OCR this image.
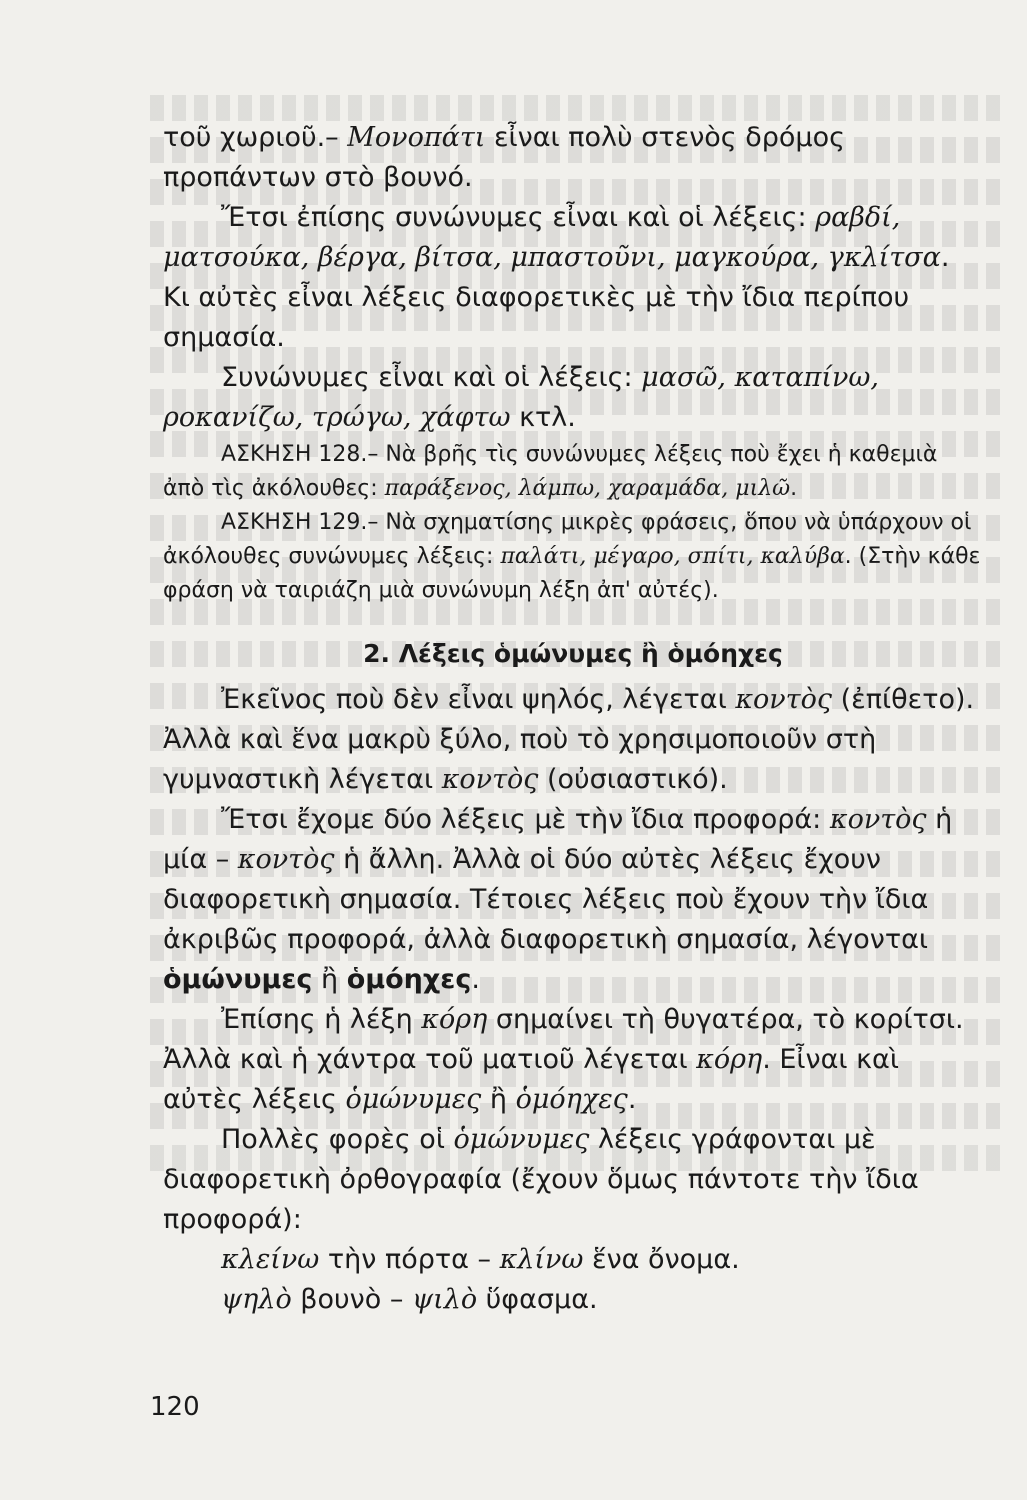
τοῦ χωριοῦ.– Μονοπάτι εἶναι πολὺ στενὸς δρόμος προπάντων στὸ βουνό.

Ἔτσι ἐπίσης συνώνυμες εἶναι καὶ οἱ λέξεις: ραβδί, ματσούκα, βέργα, βίτσα, μπαστοῦνι, μαγκούρα, γκλίτσα. Κι αὐτὲς εἶναι λέξεις διαφορετικὲς μὲ τὴν ἴδια περίπου σημασία.

Συνώνυμες εἶναι καὶ οἱ λέξεις: μασῶ, καταπίνω, ροκανίζω, τρώγω, χάφτω κτλ.

ΑΣΚΗΣΗ 128.– Νὰ βρῆς τὶς συνώνυμες λέξεις ποὺ ἔχει ἡ καθεμιὰ ἀπὸ τὶς ἀκόλουθες: παράξενος, λάμπω, χαραμάδα, μιλῶ.

ΑΣΚΗΣΗ 129.– Νὰ σχηματίσης μικρὲς φράσεις, ὅπου νὰ ὑπάρχουν οἱ ἀκόλουθες συνώνυμες λέξεις: παλάτι, μέγαρο, σπίτι, καλύβα. (Στὴν κάθε φράση νὰ ταιριάζη μιὰ συνώνυμη λέξη ἀπ' αὐτές).

2. Λέξεις ὁμώνυμες ἢ ὁμόηχες

Ἐκεῖνος ποὺ δὲν εἶναι ψηλός, λέγεται κοντὸς (ἐπίθετο). Ἀλλὰ καὶ ἕνα μακρὺ ξύλο, ποὺ τὸ χρησιμοποιοῦν στὴ γυμναστικὴ λέγεται κοντὸς (οὐσιαστικό).

Ἔτσι ἔχομε δύο λέξεις μὲ τὴν ἴδια προφορά: κοντὸς ἡ μία – κοντὸς ἡ ἄλλη. Ἀλλὰ οἱ δύο αὐτὲς λέξεις ἔχουν διαφορετικὴ σημασία. Τέτοιες λέξεις ποὺ ἔχουν τὴν ἴδια ἀκριβῶς προφορά, ἀλλὰ διαφορετικὴ σημασία, λέγονται ὁμώνυμες ἢ ὁμόηχες.

Ἐπίσης ἡ λέξη κόρη σημαίνει τὴ θυγατέρα, τὸ κορίτσι. Ἀλλὰ καὶ ἡ χάντρα τοῦ ματιοῦ λέγεται κόρη. Εἶναι καὶ αὐτὲς λέξεις ὁμώνυμες ἢ ὁμόηχες.

Πολλὲς φορὲς οἱ ὁμώνυμες λέξεις γράφονται μὲ διαφορετικὴ ὀρθογραφία (ἔχουν ὅμως πάντοτε τὴν ἴδια προφορά):

κλείνω τὴν πόρτα – κλίνω ἕνα ὄνομα.

ψηλὸ βουνὸ – ψιλὸ ὕφασμα.

120
